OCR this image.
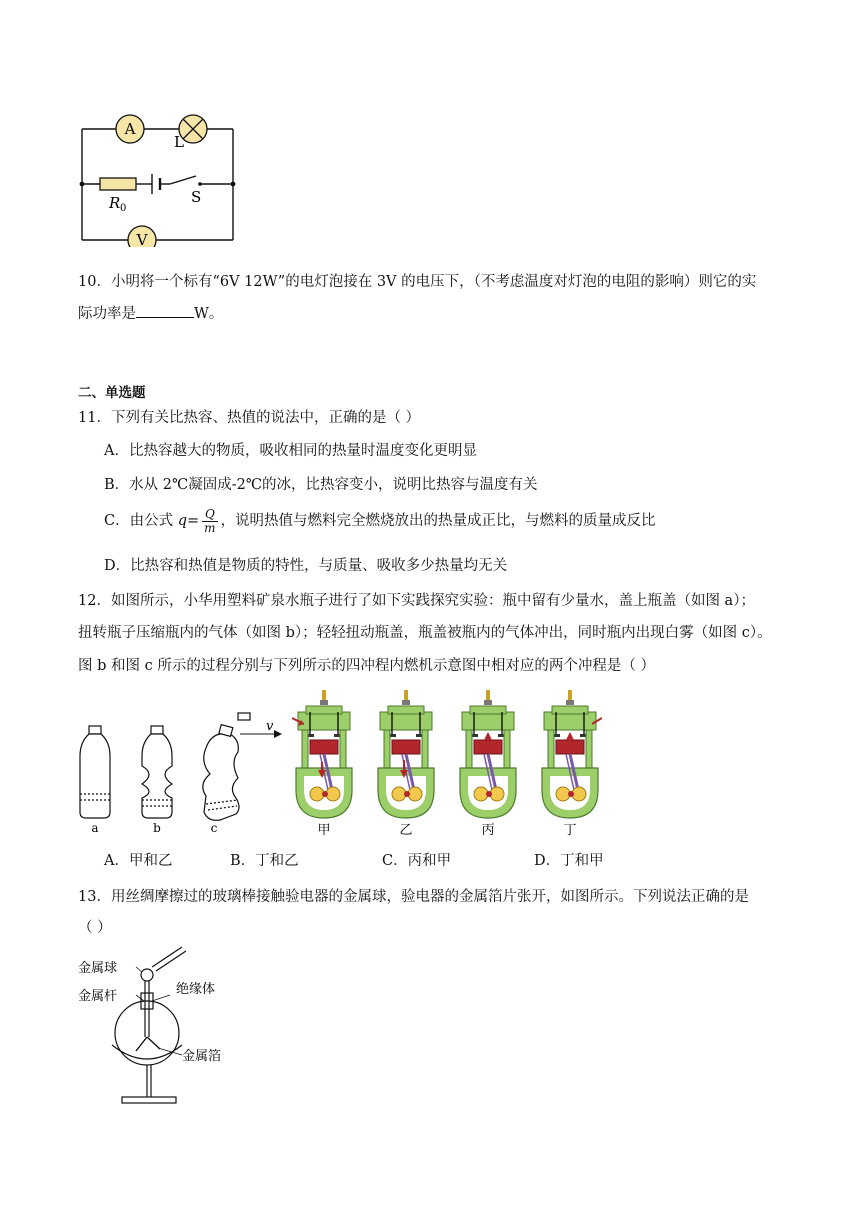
A
L
V
R 0
S
10．小明将一个标有“6V 12W”的电灯泡接在 3V 的电压下，（不考虑温度对灯泡的电阻的影响）则它的实
际功率是	W。
二、单选题
11．下列有关比热容、热值的说法中，正确的是（ ）
A．比热容越大的物质，吸收相同的热量时温度变化更明显
B．水从 2℃凝固成-2℃的冰，比热容变小，说明比热容与温度有关
C．由公式 $q= \frac{Q}{m}$ ，说明热值与燃料完全燃烧放出的热量成正比，与燃料的质量成反比
D．比热容和热值是物质的特性，与质量、吸收多少热量均无关
12．如图所示，小华用塑料矿泉水瓶子进行了如下实践探究实验：瓶中留有少量水，盖上瓶盖（如图 a）；
扭转瓶子压缩瓶内的气体（如图 b）；轻轻扭动瓶盖，瓶盖被瓶内的气体冲出，同时瓶内出现白雾（如图 c）。
图 b 和图 c 所示的过程分别与下列所示的四冲程内燃机示意图中相对应的两个冲程是（ ）
v
a	b	c	甲	乙	丙	丁
A．甲和乙	B．丁和乙	C．丙和甲	D．丁和甲
13．用丝绸摩擦过的玻璃棒接触验电器的金属球，验电器的金属箔片张开，如图所示。下列说法正确的是
（ ）
金属球
金属杆	绝缘体
金属箔
